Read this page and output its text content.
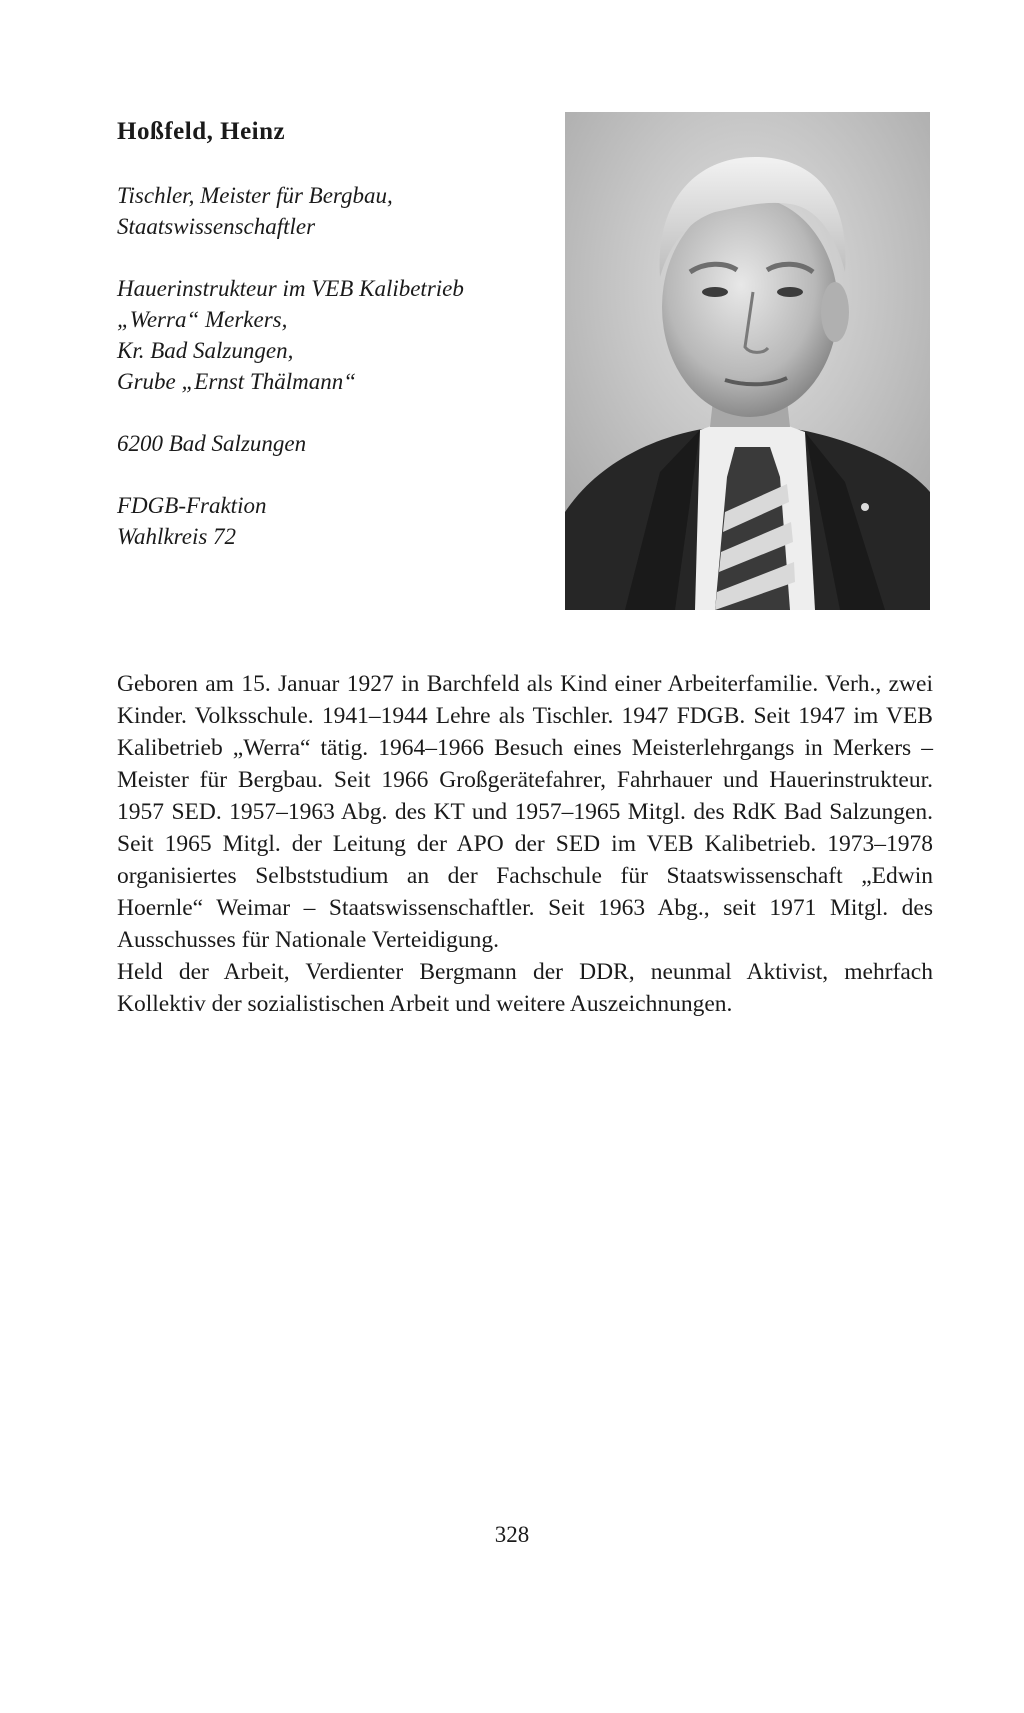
Hoßfeld, Heinz
Tischler, Meister für Bergbau,
Staatswissenschaftler
Hauerinstrukteur im VEB Kalibetrieb
„Werra“ Merkers,
Kr. Bad Salzungen,
Grube „Ernst Thälmann“
6200 Bad Salzungen
FDGB-Fraktion
Wahlkreis 72

Geboren am 15. Januar 1927 in Barchfeld als Kind einer Arbeiterfamilie. Verh., zwei Kinder. Volksschule. 1941–1944 Lehre als Tischler. 1947 FDGB. Seit 1947 im VEB Kalibetrieb „Werra“ tätig. 1964–1966 Besuch eines Meisterlehrgangs in Merkers – Meister für Bergbau. Seit 1966 Großgerätefahrer, Fahrhauer und Hauerinstrukteur. 1957 SED. 1957–1963 Abg. des KT und 1957–1965 Mitgl. des RdK Bad Salzungen. Seit 1965 Mitgl. der Leitung der APO der SED im VEB Kalibetrieb. 1973–1978 organisiertes Selbststudium an der Fachschule für Staatswissenschaft „Edwin Hoernle“ Weimar – Staatswissenschaftler. Seit 1963 Abg., seit 1971 Mitgl. des Ausschusses für Nationale Verteidigung.

Held der Arbeit, Verdienter Bergmann der DDR, neunmal Aktivist, mehrfach Kollektiv der sozialistischen Arbeit und weitere Auszeichnungen.

328
